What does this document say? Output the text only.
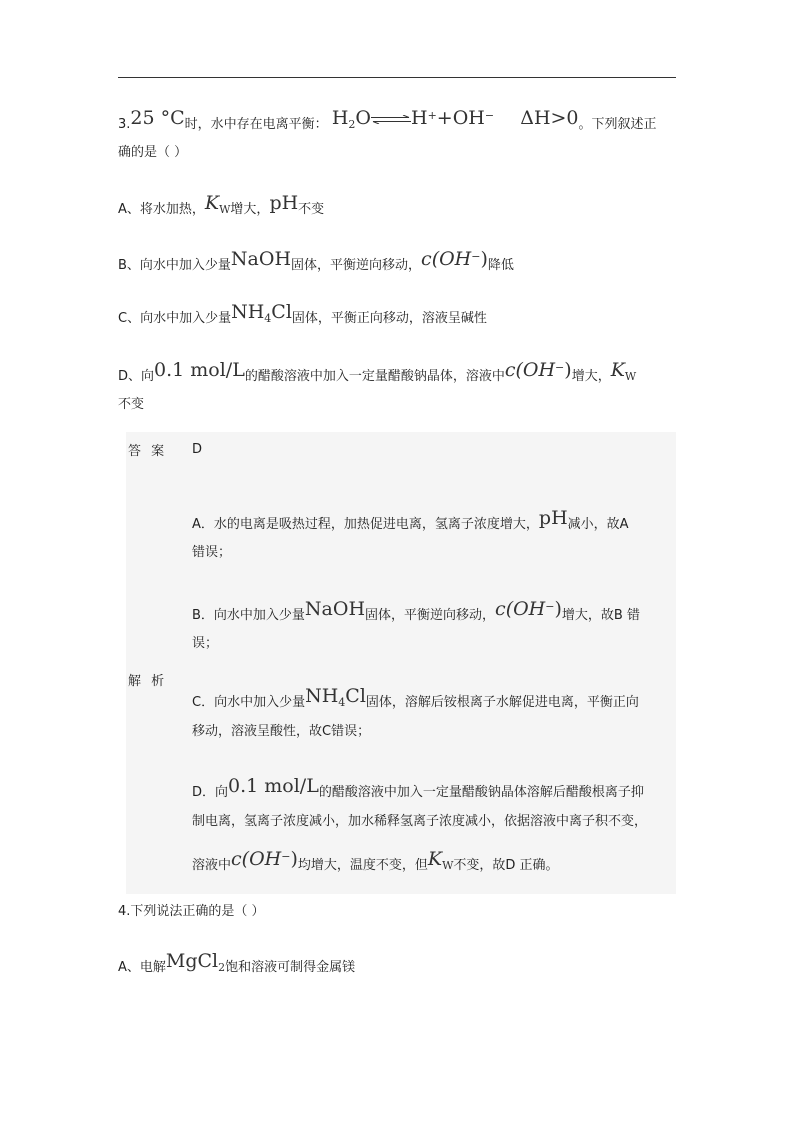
3.25 °C时，水中存在电离平衡： $H_2O\rightleftharpoons H^++OH^-$ ΔH>0。下列叙述正
确的是（ ）
A、将水加热，$K_W$增大，pH不变
B、向水中加入少量NaOH固体，平衡逆向移动，c(OH−)降低
C、向水中加入少量$NH_4Cl$固体，平衡正向移动，溶液呈碱性
D、向0.1 mol/L的醋酸溶液中加入一定量醋酸钠晶体，溶液中c(OH−)增大，$K_W$
不变
答 案 D
解 析
A．水的电离是吸热过程，加热促进电离，氢离子浓度增大，pH减小，故A
错误；
B．向水中加入少量NaOH固体，平衡逆向移动，c(OH−)增大，故B 错
误；
C．向水中加入少量$NH_4Cl$固体，溶解后铵根离子水解促进电离，平衡正向
移动，溶液呈酸性，故C错误；
D．向0.1 mol/L的醋酸溶液中加入一定量醋酸钠晶体溶解后醋酸根离子抑
制电离，氢离子浓度减小，加水稀释氢离子浓度减小，依据溶液中离子积不变，
溶液中c(OH−)均增大，温度不变，但$K_W$不变，故D 正确。
4.下列说法正确的是（ ）
A、电解MgCl$_2$饱和溶液可制得金属镁
